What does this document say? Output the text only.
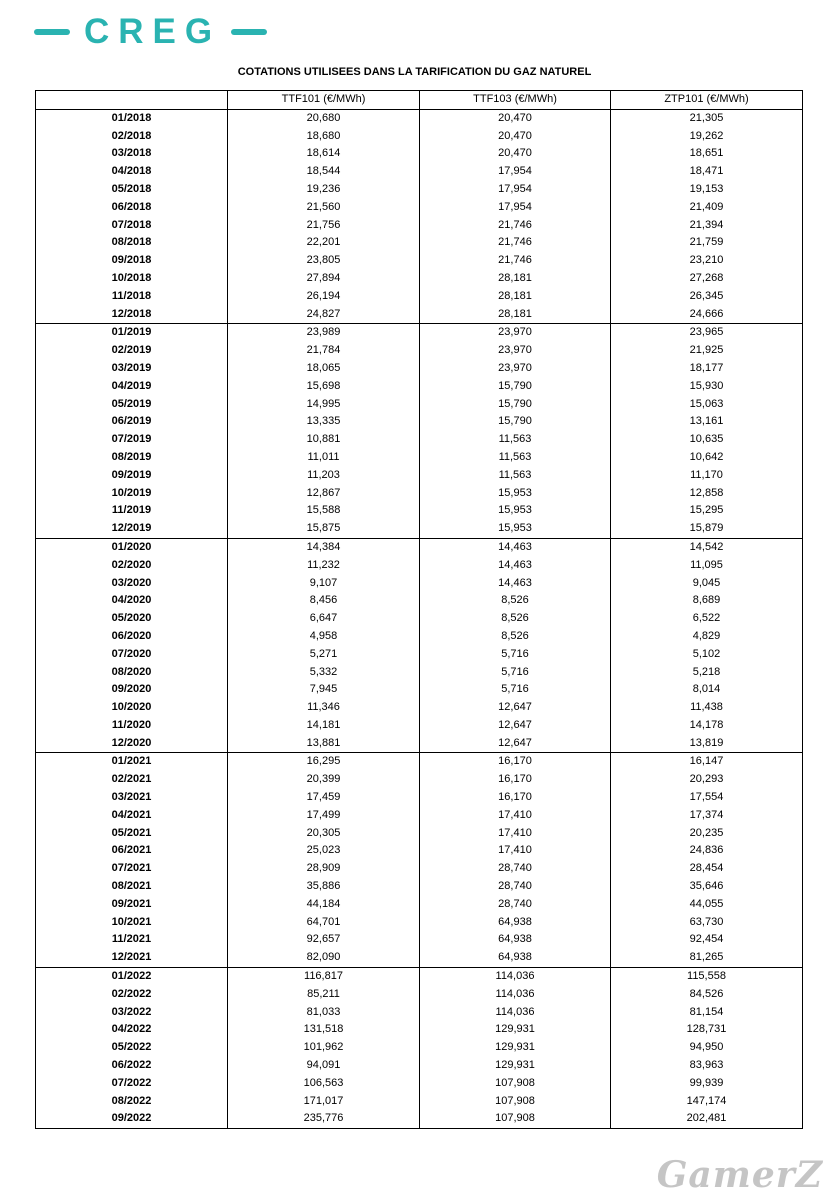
CREG
COTATIONS UTILISEES DANS LA TARIFICATION DU GAZ NATUREL
	TTF101 (€/MWh)	TTF103 (€/MWh)	ZTP101 (€/MWh)
01/2018	20,680	20,470	21,305
02/2018	18,680	20,470	19,262
03/2018	18,614	20,470	18,651
04/2018	18,544	17,954	18,471
05/2018	19,236	17,954	19,153
06/2018	21,560	17,954	21,409
07/2018	21,756	21,746	21,394
08/2018	22,201	21,746	21,759
09/2018	23,805	21,746	23,210
10/2018	27,894	28,181	27,268
11/2018	26,194	28,181	26,345
12/2018	24,827	28,181	24,666
01/2019	23,989	23,970	23,965
02/2019	21,784	23,970	21,925
03/2019	18,065	23,970	18,177
04/2019	15,698	15,790	15,930
05/2019	14,995	15,790	15,063
06/2019	13,335	15,790	13,161
07/2019	10,881	11,563	10,635
08/2019	11,011	11,563	10,642
09/2019	11,203	11,563	11,170
10/2019	12,867	15,953	12,858
11/2019	15,588	15,953	15,295
12/2019	15,875	15,953	15,879
01/2020	14,384	14,463	14,542
02/2020	11,232	14,463	11,095
03/2020	9,107	14,463	9,045
04/2020	8,456	8,526	8,689
05/2020	6,647	8,526	6,522
06/2020	4,958	8,526	4,829
07/2020	5,271	5,716	5,102
08/2020	5,332	5,716	5,218
09/2020	7,945	5,716	8,014
10/2020	11,346	12,647	11,438
11/2020	14,181	12,647	14,178
12/2020	13,881	12,647	13,819
01/2021	16,295	16,170	16,147
02/2021	20,399	16,170	20,293
03/2021	17,459	16,170	17,554
04/2021	17,499	17,410	17,374
05/2021	20,305	17,410	20,235
06/2021	25,023	17,410	24,836
07/2021	28,909	28,740	28,454
08/2021	35,886	28,740	35,646
09/2021	44,184	28,740	44,055
10/2021	64,701	64,938	63,730
11/2021	92,657	64,938	92,454
12/2021	82,090	64,938	81,265
01/2022	116,817	114,036	115,558
02/2022	85,211	114,036	84,526
03/2022	81,033	114,036	81,154
04/2022	131,518	129,931	128,731
05/2022	101,962	129,931	94,950
06/2022	94,091	129,931	83,963
07/2022	106,563	107,908	99,939
08/2022	171,017	107,908	147,174
09/2022	235,776	107,908	202,481
GamerZ
